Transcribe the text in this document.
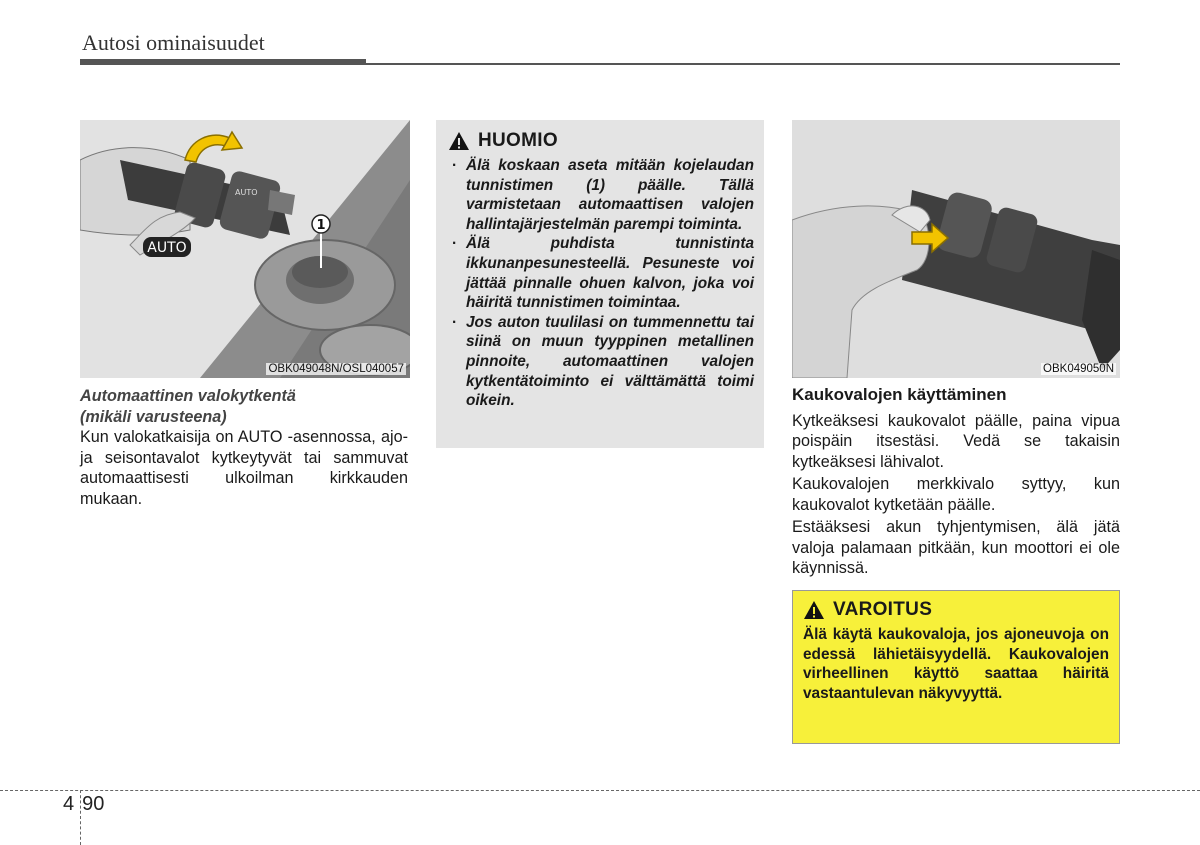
Autosi ominaisuudet
AUTO
AUTO
1
OBK049048N/OSL040057

Automaattinen valokytkentä

(mikäli varusteena)

Kun valokatkaisija on AUTO -asennossa, ajo- ja seisontavalot kytkeytyvät tai sammuvat automaattisesti ulkoilman kirkkauden mukaan.

HUOMIO
· Älä koskaan aseta mitään kojelaudan tunnistimen (1) päälle. Tällä varmistetaan automaattisen valojen hallintajärjestelmän parempi toiminta.
· Älä puhdista tunnistinta ikkunanpesunesteellä. Pesuneste voi jättää pinnalle ohuen kalvon, joka voi häiritä tunnistimen toimintaa.
· Jos auton tuulilasi on tummennettu tai siinä on muun tyyppinen metallinen pinnoite, automaattinen valojen kytkentätoiminto ei välttämättä toimi oikein.
OBK049050N

Kaukovalojen käyttäminen

Kytkeäksesi kaukovalot päälle, paina vipua poispäin itsestäsi. Vedä se takaisin kytkeäksesi lähivalot.

Kaukovalojen merkkivalo syttyy, kun kaukovalot kytketään päälle.

Estääksesi akun tyhjentymisen, älä jätä valoja palamaan pitkään, kun moottori ei ole käynnissä.

VAROITUS
Älä käytä kaukovaloja, jos ajoneuvoja on edessä lähietäisyydellä. Kaukovalojen virheellinen käyttö saattaa häiritä vastaantulevan näkyvyyttä.
4 90
